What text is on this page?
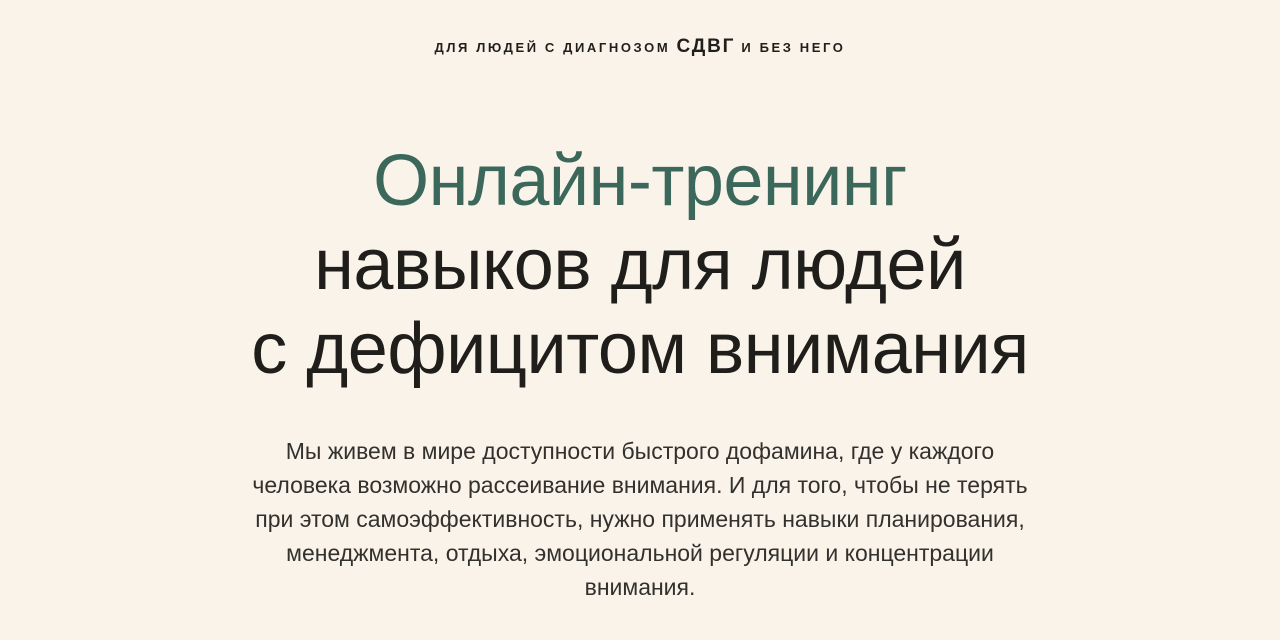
ДЛЯ ЛЮДЕЙ С ДИАГНОЗОМ СДВГ И БЕЗ НЕГО
Онлайн-тренинг
навыков для людей
с дефицитом внимания
Мы живем в мире доступности быстрого дофамина, где у каждого
человека возможно рассеивание внимания. И для того, чтобы не терять
при этом самоэффективность, нужно применять навыки планирования,
менеджмента, отдыха, эмоциональной регуляции и концентрации
внимания.
